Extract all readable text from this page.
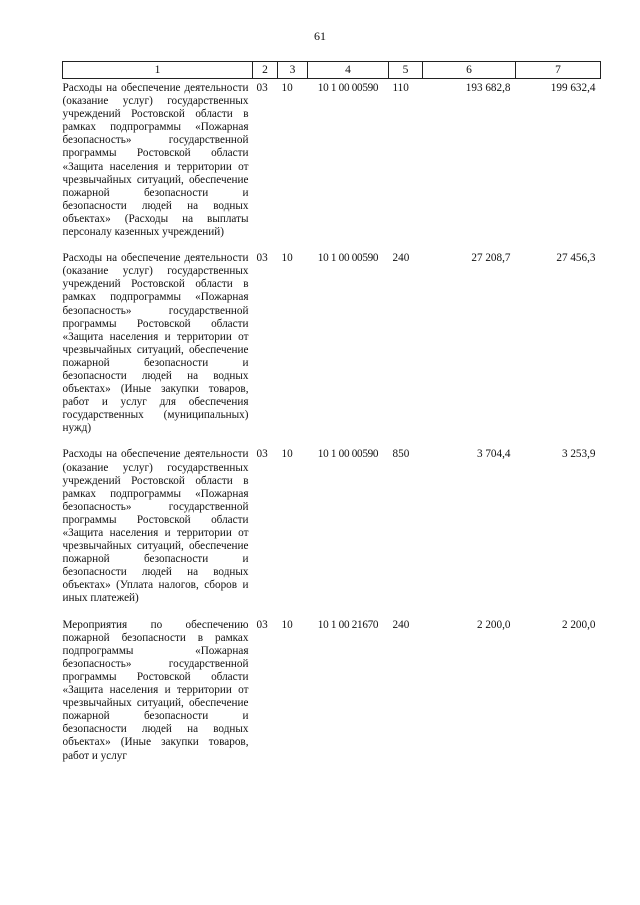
61
1	2	3	4	5	6	7
Расходы на обеспечение деятельности (оказание услуг) государственных учреждений Ростовской области в рамках подпрограммы «Пожарная безопасность» государственной программы Ростовской области «Защита населения и территории от чрезвычайных ситуаций, обеспечение пожарной безопасности и безопасности людей на водных объектах» (Расходы на выплаты персоналу казенных учреждений)	03	10	10 1 00 00590	110	193 682,8	199 632,4
Расходы на обеспечение деятельности (оказание услуг) государственных учреждений Ростовской области в рамках подпрограммы «Пожарная безопасность» государственной программы Ростовской области «Защита населения и территории от чрезвычайных ситуаций, обеспечение пожарной безопасности и безопасности людей на водных объектах» (Иные закупки товаров, работ и услуг для обеспечения государственных (муниципальных) нужд)	03	10	10 1 00 00590	240	27 208,7	27 456,3
Расходы на обеспечение деятельности (оказание услуг) государственных учреждений Ростовской области в рамках подпрограммы «Пожарная безопасность» государственной программы Ростовской области «Защита населения и территории от чрезвычайных ситуаций, обеспечение пожарной безопасности и безопасности людей на водных объектах» (Уплата налогов, сборов и иных платежей)	03	10	10 1 00 00590	850	3 704,4	3 253,9
Мероприятия по обеспечению пожарной безопасности в рамках подпрограммы «Пожарная безопасность» государственной программы Ростовской области «Защита населения и территории от чрезвычайных ситуаций, обеспечение пожарной безопасности и безопасности людей на водных объектах» (Иные закупки товаров, работ и услуг	03	10	10 1 00 21670	240	2 200,0	2 200,0
